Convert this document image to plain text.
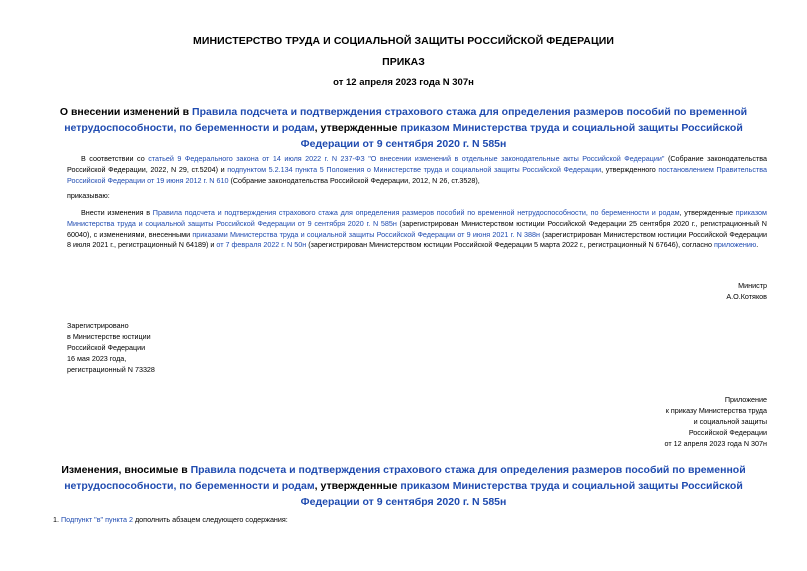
МИНИСТЕРСТВО ТРУДА И СОЦИАЛЬНОЙ ЗАЩИТЫ РОССИЙСКОЙ ФЕДЕРАЦИИ
ПРИКАЗ
от 12 апреля 2023 года N 307н
О внесении изменений в Правила подсчета и подтверждения страхового стажа для определения размеров пособий по временной нетрудоспособности, по беременности и родам, утвержденные приказом Министерства труда и социальной защиты Российской Федерации от 9 сентября 2020 г. N 585н
В соответствии со статьей 9 Федерального закона от 14 июля 2022 г. N 237-ФЗ "О внесении изменений в отдельные законодательные акты Российской Федерации" (Собрание законодательства Российской Федерации, 2022, N 29, ст.5204) и подпунктом 5.2.134 пункта 5 Положения о Министерстве труда и социальной защиты Российской Федерации, утвержденного постановлением Правительства Российской Федерации от 19 июня 2012 г. N 610 (Собрание законодательства Российской Федерации, 2012, N 26, ст.3528),
приказываю:
Внести изменения в Правила подсчета и подтверждения страхового стажа для определения размеров пособий по временной нетрудоспособности, по беременности и родам, утвержденные приказом Министерства труда и социальной защиты Российской Федерации от 9 сентября 2020 г. N 585н (зарегистрирован Министерством юстиции Российской Федерации 25 сентября 2020 г., регистрационный N 60040), с изменениями, внесенными приказами Министерства труда и социальной защиты Российской Федерации от 9 июня 2021 г. N 388н (зарегистрирован Министерством юстиции Российской Федерации 8 июля 2021 г., регистрационный N 64189) и от 7 февраля 2022 г. N 50н (зарегистрирован Министерством юстиции Российской Федерации 5 марта 2022 г., регистрационный N 67646), согласно приложению.
Министр
А.О.Котяков
Зарегистрировано
в Министерстве юстиции
Российской Федерации
16 мая 2023 года,
регистрационный N 73328
Приложение
к приказу Министерства труда
и социальной защиты
Российской Федерации
от 12 апреля 2023 года N 307н
Изменения, вносимые в Правила подсчета и подтверждения страхового стажа для определения размеров пособий по временной нетрудоспособности, по беременности и родам, утвержденные приказом Министерства труда и социальной защиты Российской Федерации от 9 сентября 2020 г. N 585н
1. Подпункт "в" пункта 2 дополнить абзацем следующего содержания:
